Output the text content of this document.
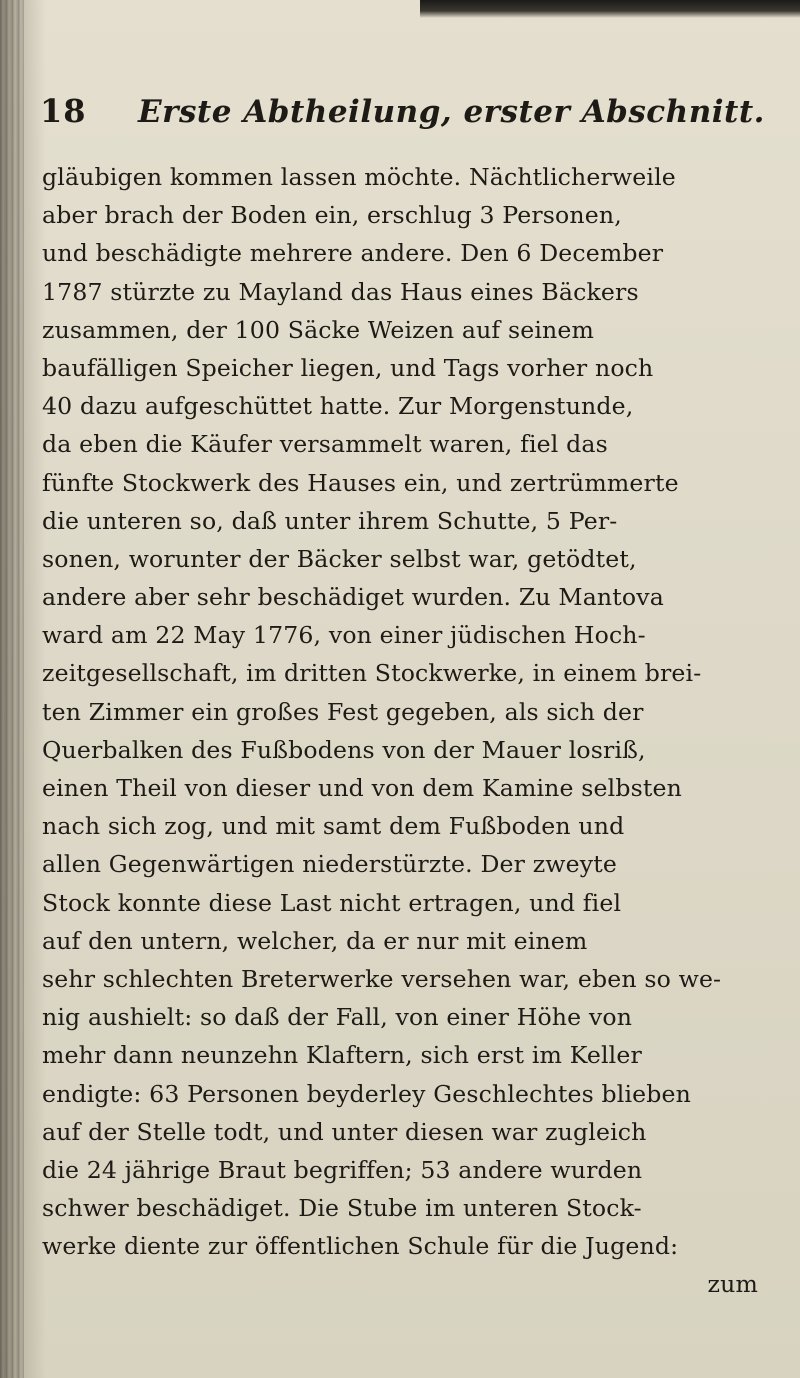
18	Erste Abtheilung, erster Abschnitt.
gläubigen kommen lassen möchte. Nächtlicherweile
aber brach der Boden ein, erschlug 3 Personen,
und beschädigte mehrere andere. Den 6 December
1787 stürzte zu Mayland das Haus eines Bäckers
zusammen, der 100 Säcke Weizen auf seinem
baufälligen Speicher liegen, und Tags vorher noch
40 dazu aufgeschüttet hatte. Zur Morgenstunde,
da eben die Käufer versammelt waren, fiel das
fünfte Stockwerk des Hauses ein, und zertrümmerte
die unteren so, daß unter ihrem Schutte, 5 Per-
sonen, worunter der Bäcker selbst war, getödtet,
andere aber sehr beschädiget wurden. Zu Mantova
ward am 22 May 1776, von einer jüdischen Hoch-
zeitgesellschaft, im dritten Stockwerke, in einem brei-
ten Zimmer ein großes Fest gegeben, als sich der
Querbalken des Fußbodens von der Mauer losriß,
einen Theil von dieser und von dem Kamine selbsten
nach sich zog, und mit samt dem Fußboden und
allen Gegenwärtigen niederstürzte. Der zweyte
Stock konnte diese Last nicht ertragen, und fiel
auf den untern, welcher, da er nur mit einem
sehr schlechten Breterwerke versehen war, eben so we-
nig aushielt: so daß der Fall, von einer Höhe von
mehr dann neunzehn Klaftern, sich erst im Keller
endigte: 63 Personen beyderley Geschlechtes blieben
auf der Stelle todt, und unter diesen war zugleich
die 24 jährige Braut begriffen; 53 andere wurden
schwer beschädiget. Die Stube im unteren Stock-
werke diente zur öffentlichen Schule für die Jugend:
zum
